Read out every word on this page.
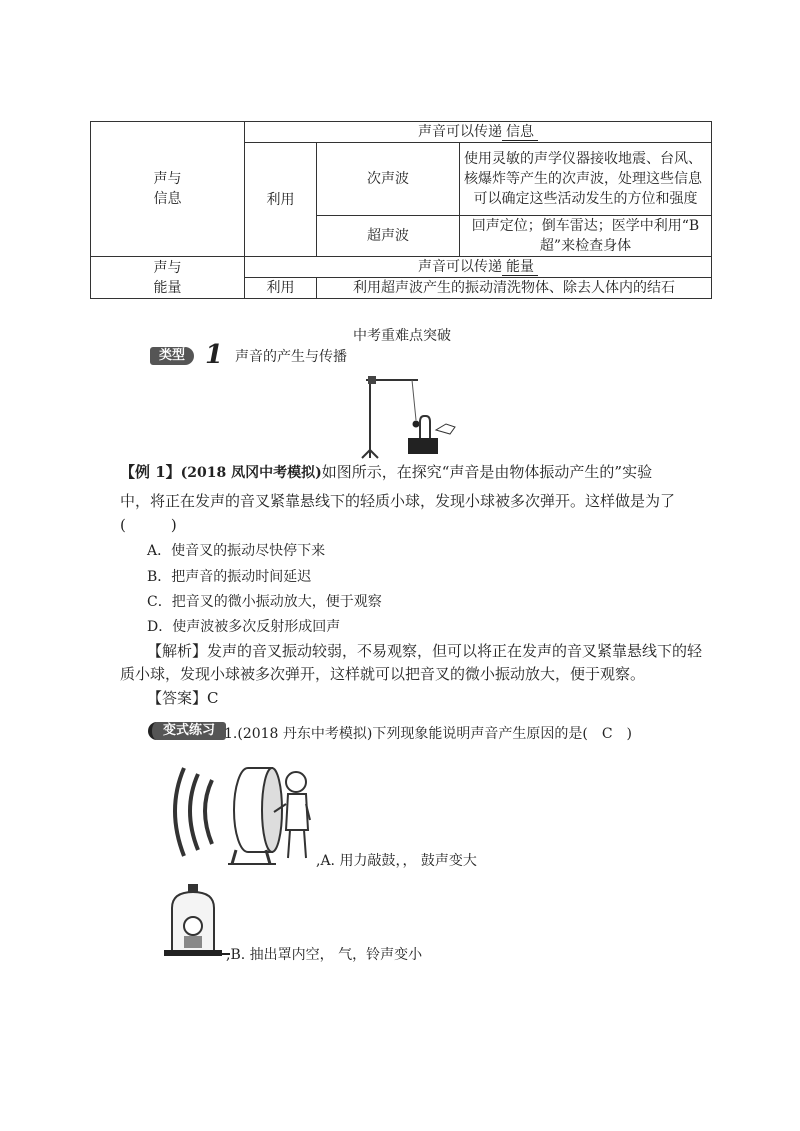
声与
信息	声音可以传递 信息		
	利用	次声波	使用灵敏的声学仪器接收地震、台风、核爆炸等产生的次声波，处理这些信息可以确定这些活动发生的方位和强度
		超声波	回声定位；倒车雷达；医学中利用“B超”来检查身体
声与
能量	声音可以传递 能量		
	利用	利用超声波产生的振动清洗物体、除去人体内的结石	
中考重难点突破
类型 1 声音的产生与传播
【例 1】(2018 凤冈中考模拟)如图所示，在探究“声音是由物体振动产生的”实验
中，将正在发声的音叉紧靠悬线下的轻质小球，发现小球被多次弹开。这样做是为了
(　　　)
A．使音叉的振动尽快停下来
B．把声音的振动时间延迟
C．把音叉的微小振动放大，便于观察
D．使声波被多次反射形成回声
【解析】发声的音叉振动较弱，不易观察，但可以将正在发声的音叉紧靠悬线下的轻
质小球，发现小球被多次弹开，这样就可以把音叉的微小振动放大，便于观察。
【答案】C
变式练习 1.(2018 丹东中考模拟)下列现象能说明声音产生原因的是(　C　)
,A. 用力敲鼓，， 鼓声变大
,B. 抽出罩内空， 气，铃声变小
